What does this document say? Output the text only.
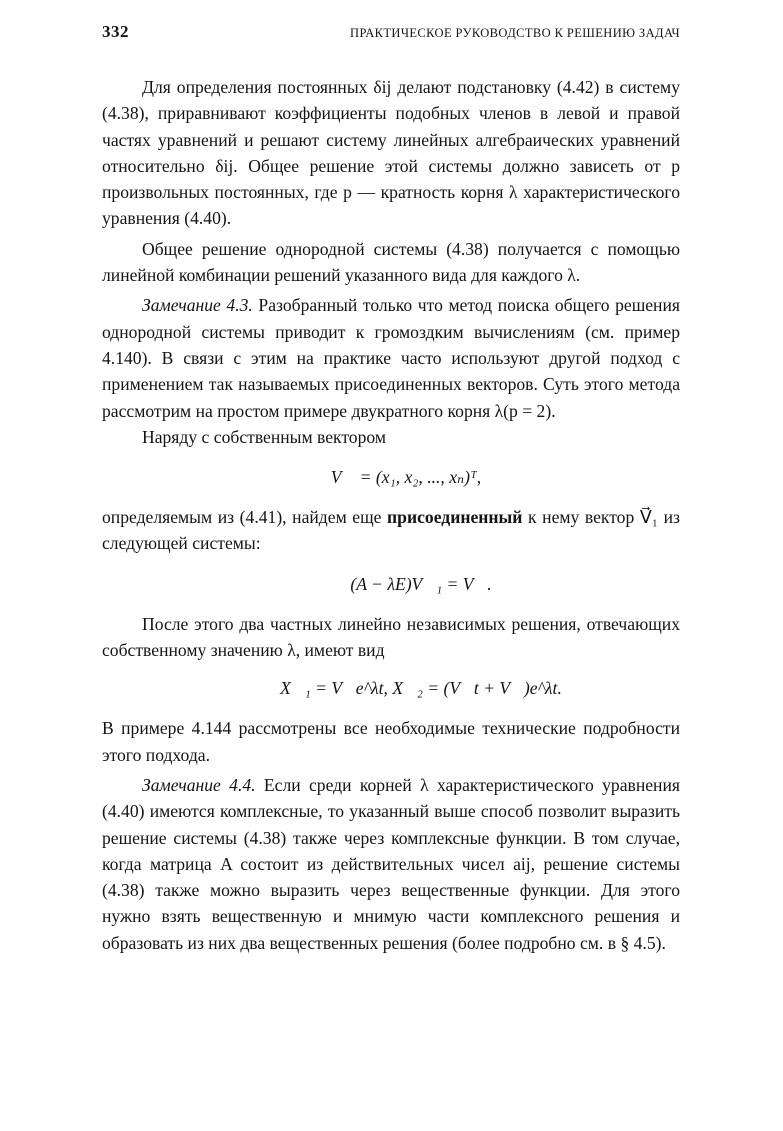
332	ПРАКТИЧЕСКОЕ РУКОВОДСТВО К РЕШЕНИЮ ЗАДАЧ

Для определения постоянных δij делают подстановку (4.42) в систему (4.38), приравнивают коэффициенты подобных членов в левой и правой частях уравнений и решают систему линейных алгебраических уравнений относительно δij. Общее решение этой системы должно зависеть от p произвольных постоянных, где p — кратность корня λ характеристического уравнения (4.40).

Общее решение однородной системы (4.38) получается с помощью линейной комбинации решений указанного вида для каждого λ.

Замечание 4.3. Разобранный только что метод поиска общего решения однородной системы приводит к громоздким вычислениям (см. пример 4.140). В связи с этим на практике часто используют другой подход с применением так называемых присоединенных векторов. Суть этого метода рассмотрим на простом примере двукратного корня λ(p = 2).

Наряду с собственным вектором

V⃗ = (x₁, x₂, ..., xₙ)ᵀ,

определяемым из (4.41), найдем еще присоединенный к нему вектор V⃗₁ из следующей системы:

(A − λE)V⃗₁ = V⃗.

После этого два частных линейно независимых решения, отвечающих собственному значению λ, имеют вид

X⃗₁ = V⃗e^λt, X⃗₂ = (V⃗t + V⃗)e^λt.

В примере 4.144 рассмотрены все необходимые технические подробности этого подхода.

Замечание 4.4. Если среди корней λ характеристического уравнения (4.40) имеются комплексные, то указанный выше способ позволит выразить решение системы (4.38) также через комплексные функции. В том случае, когда матрица A состоит из действительных чисел aij, решение системы (4.38) также можно выразить через вещественные функции. Для этого нужно взять вещественную и мнимую части комплексного решения и образовать из них два вещественных решения (более подробно см. в § 4.5).
